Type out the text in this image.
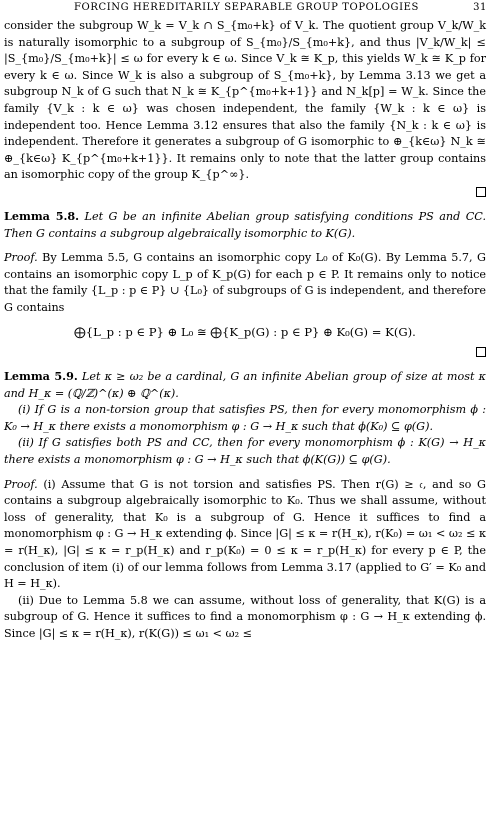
FORCING HEREDITARILY SEPARABLE GROUP TOPOLOGIES	31

consider the subgroup W_k = V_k ∩ S_{m₀+k} of V_k. The quotient group V_k/W_k is naturally isomorphic to a subgroup of S_{m₀}/S_{m₀+k}, and thus |V_k/W_k| ≤ |S_{m₀}/S_{m₀+k}| ≤ ω for every k ∈ ω. Since V_k ≅ K_p, this yields W_k ≅ K_p for every k ∈ ω. Since W_k is also a subgroup of S_{m₀+k}, by Lemma 3.13 we get a subgroup N_k of G such that N_k ≅ K_{p^{m₀+k+1}} and N_k[p] = W_k. Since the family {V_k : k ∈ ω} was chosen independent, the family {W_k : k ∈ ω} is independent too. Hence Lemma 3.12 ensures that also the family {N_k : k ∈ ω} is independent. Therefore it generates a subgroup of G isomorphic to ⊕_{k∈ω} N_k ≅ ⊕_{k∈ω} K_{p^{m₀+k+1}}. It remains only to note that the latter group contains an isomorphic copy of the group K_{p^∞}.

Lemma 5.8. Let G be an infinite Abelian group satisfying conditions PS and CC. Then G contains a subgroup algebraically isomorphic to K(G).

Proof. By Lemma 5.5, G contains an isomorphic copy L₀ of K₀(G). By Lemma 5.7, G contains an isomorphic copy L_p of K_p(G) for each p ∈ P. It remains only to notice that the family {L_p : p ∈ P} ∪ {L₀} of subgroups of G is independent, and therefore G contains

⨁{L_p : p ∈ P} ⊕ L₀ ≅ ⨁{K_p(G) : p ∈ P} ⊕ K₀(G) = K(G).

Lemma 5.9. Let κ ≥ ω₂ be a cardinal, G an infinite Abelian group of size at most κ and H_κ = (ℚ/ℤ)^(κ) ⊕ ℚ^(κ).

(i) If G is a non-torsion group that satisfies PS, then for every monomorphism ϕ : K₀ → H_κ there exists a monomorphism φ : G → H_κ such that ϕ(K₀) ⊆ φ(G).

(ii) If G satisfies both PS and CC, then for every monomorphism ϕ : K(G) → H_κ there exists a monomorphism φ : G → H_κ such that ϕ(K(G)) ⊆ φ(G).

Proof. (i) Assume that G is not torsion and satisfies PS. Then r(G) ≥ 𝔠, and so G contains a subgroup algebraically isomorphic to K₀. Thus we shall assume, without loss of generality, that K₀ is a subgroup of G. Hence it suffices to find a monomorphism φ : G → H_κ extending ϕ. Since |G| ≤ κ = r(H_κ), r(K₀) = ω₁ < ω₂ ≤ κ = r(H_κ), |G| ≤ κ = r_p(H_κ) and r_p(K₀) = 0 ≤ κ = r_p(H_κ) for every p ∈ P, the conclusion of item (i) of our lemma follows from Lemma 3.17 (applied to G′ = K₀ and H = H_κ).

(ii) Due to Lemma 5.8 we can assume, without loss of generality, that K(G) is a subgroup of G. Hence it suffices to find a monomorphism φ : G → H_κ extending ϕ. Since |G| ≤ κ = r(H_κ), r(K(G)) ≤ ω₁ < ω₂ ≤
